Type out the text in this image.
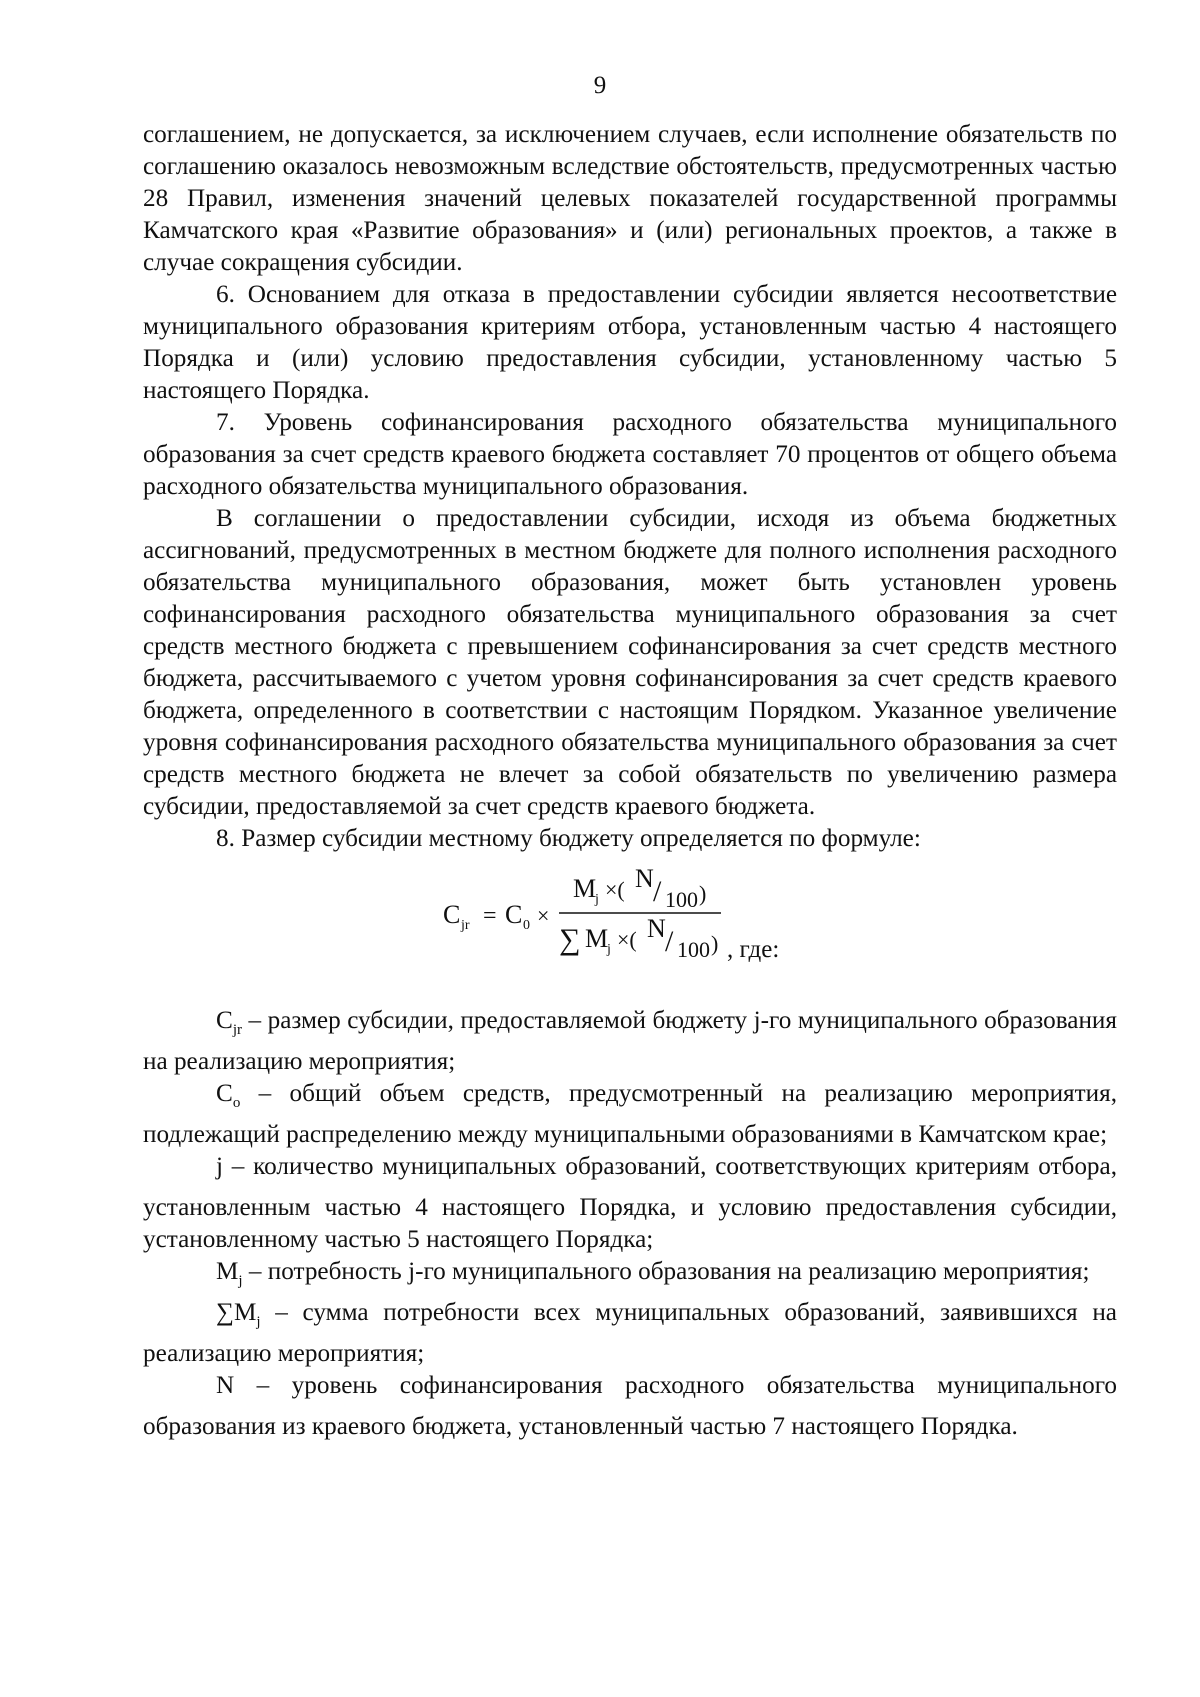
9

соглашением, не допускается, за исключением случаев, если исполнение обязательств по соглашению оказалось невозможным вследствие обстоятельств, предусмотренных частью 28 Правил, изменения значений целевых показателей государственной программы Камчатского края «Развитие образования» и (или) региональных проектов, а также в случае сокращения субсидии.

6. Основанием для отказа в предоставлении субсидии является несоответствие муниципального образования критериям отбора, установленным частью 4 настоящего Порядка и (или) условию предоставления субсидии, установленному частью 5 настоящего Порядка.

7. Уровень софинансирования расходного обязательства муниципального образования за счет средств краевого бюджета составляет 70 процентов от общего объема расходного обязательства муниципального образования.

В соглашении о предоставлении субсидии, исходя из объема бюджетных ассигнований, предусмотренных в местном бюджете для полного исполнения расходного обязательства муниципального образования, может быть установлен уровень софинансирования расходного обязательства муниципального образования за счет средств местного бюджета с превышением софинансирования за счет средств местного бюджета, рассчитываемого с учетом уровня софинансирования за счет средств краевого бюджета, определенного в соответствии с настоящим Порядком. Указанное увеличение уровня софинансирования расходного обязательства муниципального образования за счет средств местного бюджета не влечет за собой обязательств по увеличению размера субсидии, предоставляемой за счет средств краевого бюджета.

8. Размер субсидии местному бюджету определяется по формуле:

C jr = C 0 ×
M
j ×( N / 100 )
∑ M
j ×( N / 100 ) , где:

$C_{jr}$ – размер субсидии, предоставляемой бюджету j-го муниципального образования на реализацию мероприятия;

$C_o$ – общий объем средств, предусмотренный на реализацию мероприятия, подлежащий распределению между муниципальными образованиями в Камчатском крае;

j – количество муниципальных образований, соответствующих критериям отбора, установленным частью 4 настоящего Порядка, и условию предоставления субсидии, установленному частью 5 настоящего Порядка;

$M_j$ – потребность j-го муниципального образования на реализацию мероприятия;

$\sum M_j$ – сумма потребности всех муниципальных образований, заявившихся на реализацию мероприятия;

N – уровень софинансирования расходного обязательства муниципального образования из краевого бюджета, установленный частью 7 настоящего Порядка.
